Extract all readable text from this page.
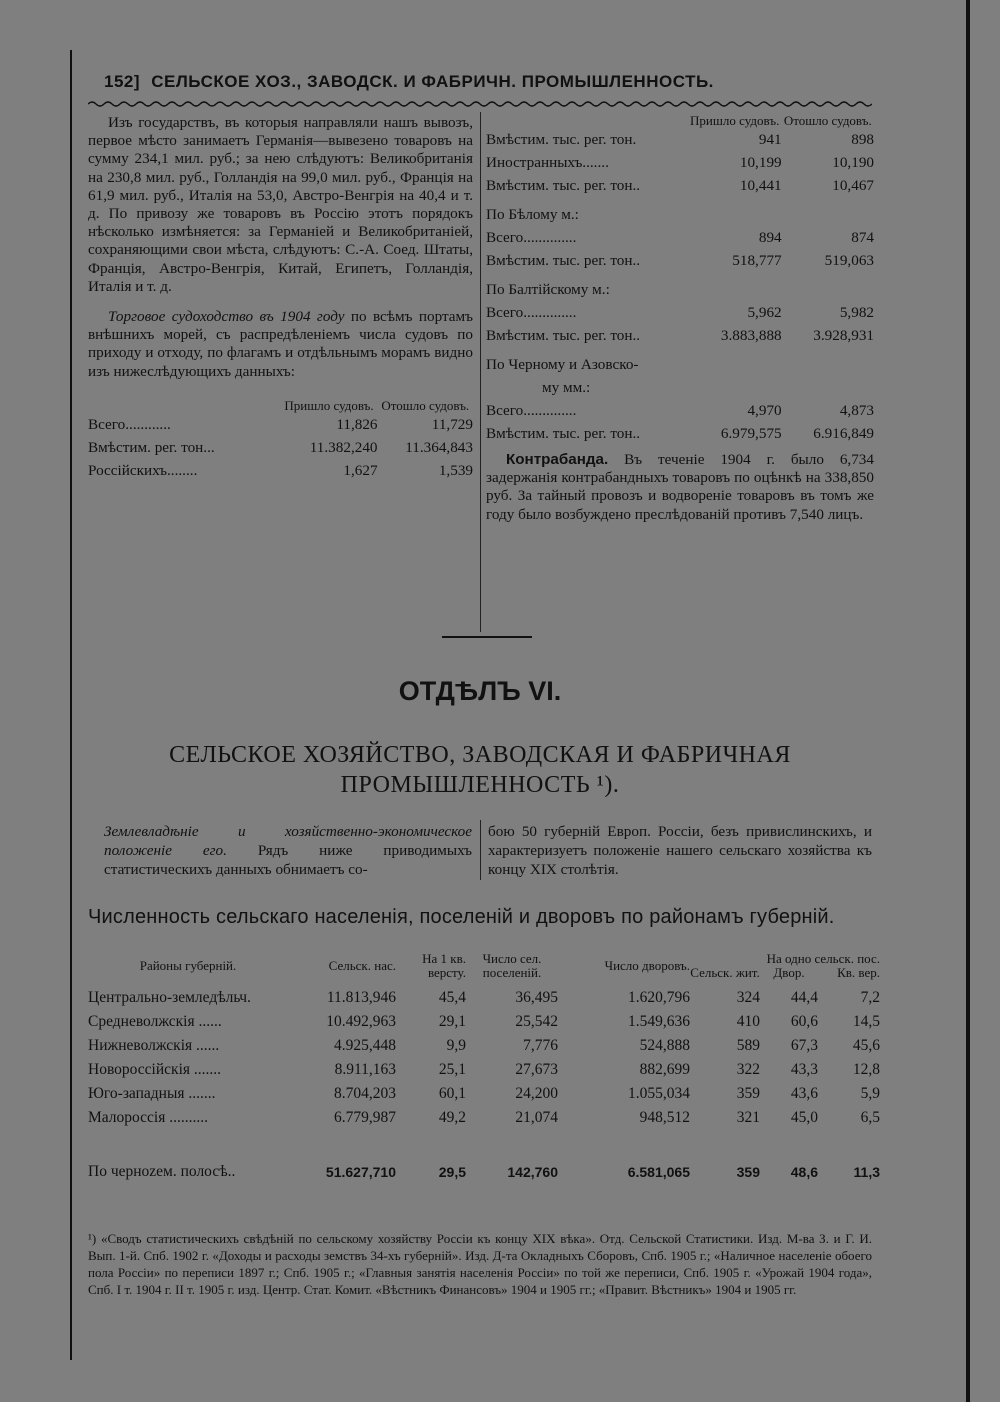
152] СЕЛЬСКОЕ ХОЗ., ЗАВОДСК. И ФАБРИЧН. ПРОМЫШЛЕННОСТЬ.

Изъ государствъ, въ которыя направляли нашъ вывозъ, первое мѣсто занимаетъ Германія—вывезено товаровъ на сумму 234,1 мил. руб.; за нею слѣдуютъ: Великобританія на 230,8 мил. руб., Голландія на 99,0 мил. руб., Франція на 61,9 мил. руб., Италія на 53,0, Австро-Венгрія на 40,4 и т. д. По привозу же товаровъ въ Россію этотъ порядокъ нѣсколько измѣняется: за Германіей и Великобританіей, сохраняющими свои мѣста, слѣдуютъ: С.-А. Соед. Штаты, Франція, Австро-Венгрія, Китай, Египетъ, Голландія, Италія и т. д.

Торговое судоходство въ 1904 году по всѣмъ портамъ внѣшнихъ морей, съ распредѣленіемъ числа судовъ по приходу и отходу, по флагамъ и отдѣльнымъ морамъ видно изъ нижеслѣдующихъ данныхъ:

	Пришло судовъ.	Отошло судовъ.
Всего............	11,826	11,729
Вмѣстим. рег. тон...	11.382,240	11.364,843
Россійскихъ........	1,627	1,539
	Пришло судовъ.	Отошло судовъ.
Вмѣстим. тыс. рег. тон.	941	898
Иностранныхъ.......	10,199	10,190
Вмѣстим. тыс. рег. тон..	10,441	10,467
По Бѣлому м.:		
Всего..............	894	874
Вмѣстим. тыс. рег. тон..	518,777	519,063
По Балтійскому м.:		
Всего..............	5,962	5,982
Вмѣстим. тыс. рег. тон..	3.883,888	3.928,931

По Черному и Азовско-
му мм.:		

Всего..............	4,970	4,873
Вмѣстим. тыс. рег. тон..	6.979,575	6.916,849

Контрабанда. Въ теченіе 1904 г. было 6,734 задержанія контрабандныхъ товаровъ по оцѣнкѣ на 338,850 руб. За тайный провозъ и водвореніе товаровъ въ томъ же году было возбуждено преслѣдованій противъ 7,540 лицъ.

ОТДѢЛЪ VI.
СЕЛЬСКОЕ ХОЗЯЙСТВО, ЗАВОДСКАЯ И ФАБРИЧНАЯ
ПРОМЫШЛЕННОСТЬ ¹).
Землевладѣніе и хозяйственно-экономическое положеніе его. Рядъ ниже приводимыхъ статистическихъ данныхъ обнимаетъ со-
бою 50 губерній Европ. Россіи, безъ привислинскихъ, и характеризуетъ положеніе нашего сельскаго хозяйства къ концу XIX столѣтія.
Численность сельскаго населенія, поселеній и дворовъ по районамъ губерній.
Районы губерній.	Сельск. нас.	На 1 кв. версту.	Число сел. поселеній.	Число дворовъ.	На одно сельск. пос.		
					Сельск. жит.	Двор.	Кв. вер.

Центрально-земледѣльч.	11.813,946	45,4	36,495	1.620,796	324	44,4	7,2
Средневолжскія ......	10.492,963	29,1	25,542	1.549,636	410	60,6	14,5
Нижневолжскія ......	4.925,448	9,9	7,776	524,888	589	67,3	45,6
Новороссійскія .......	8.911,163	25,1	27,673	882,699	322	43,3	12,8
Юго-западныя .......	8.704,203	60,1	24,200	1.055,034	359	43,6	5,9
Малороссія ..........	6.779,987	49,2	21,074	948,512	321	45,0	6,5
По черноzем. полосѣ..	51.627,710	29,5	142,760	6.581,065	359	48,6	11,3
¹) «Сводъ статистическихъ свѣдѣній по сельскому хозяйству Россіи къ концу XIX вѣка». Отд. Сельской Статистики. Изд. М-ва З. и Г. И. Вып. 1-й. Спб. 1902 г. «Доходы и расходы земствъ 34-хъ губерній». Изд. Д-та Окладныхъ Сборовъ, Спб. 1905 г.; «Наличное населеніе обоего пола Россіи» по переписи 1897 г.; Спб. 1905 г.; «Главныя занятія населенія Россіи» по той же переписи, Спб. 1905 г. «Урожай 1904 года», Спб. I т. 1904 г. II т. 1905 г. изд. Центр. Стат. Комит. «Вѣстникъ Финансовъ» 1904 и 1905 гг.; «Правит. Вѣстникъ» 1904 и 1905 гг.
